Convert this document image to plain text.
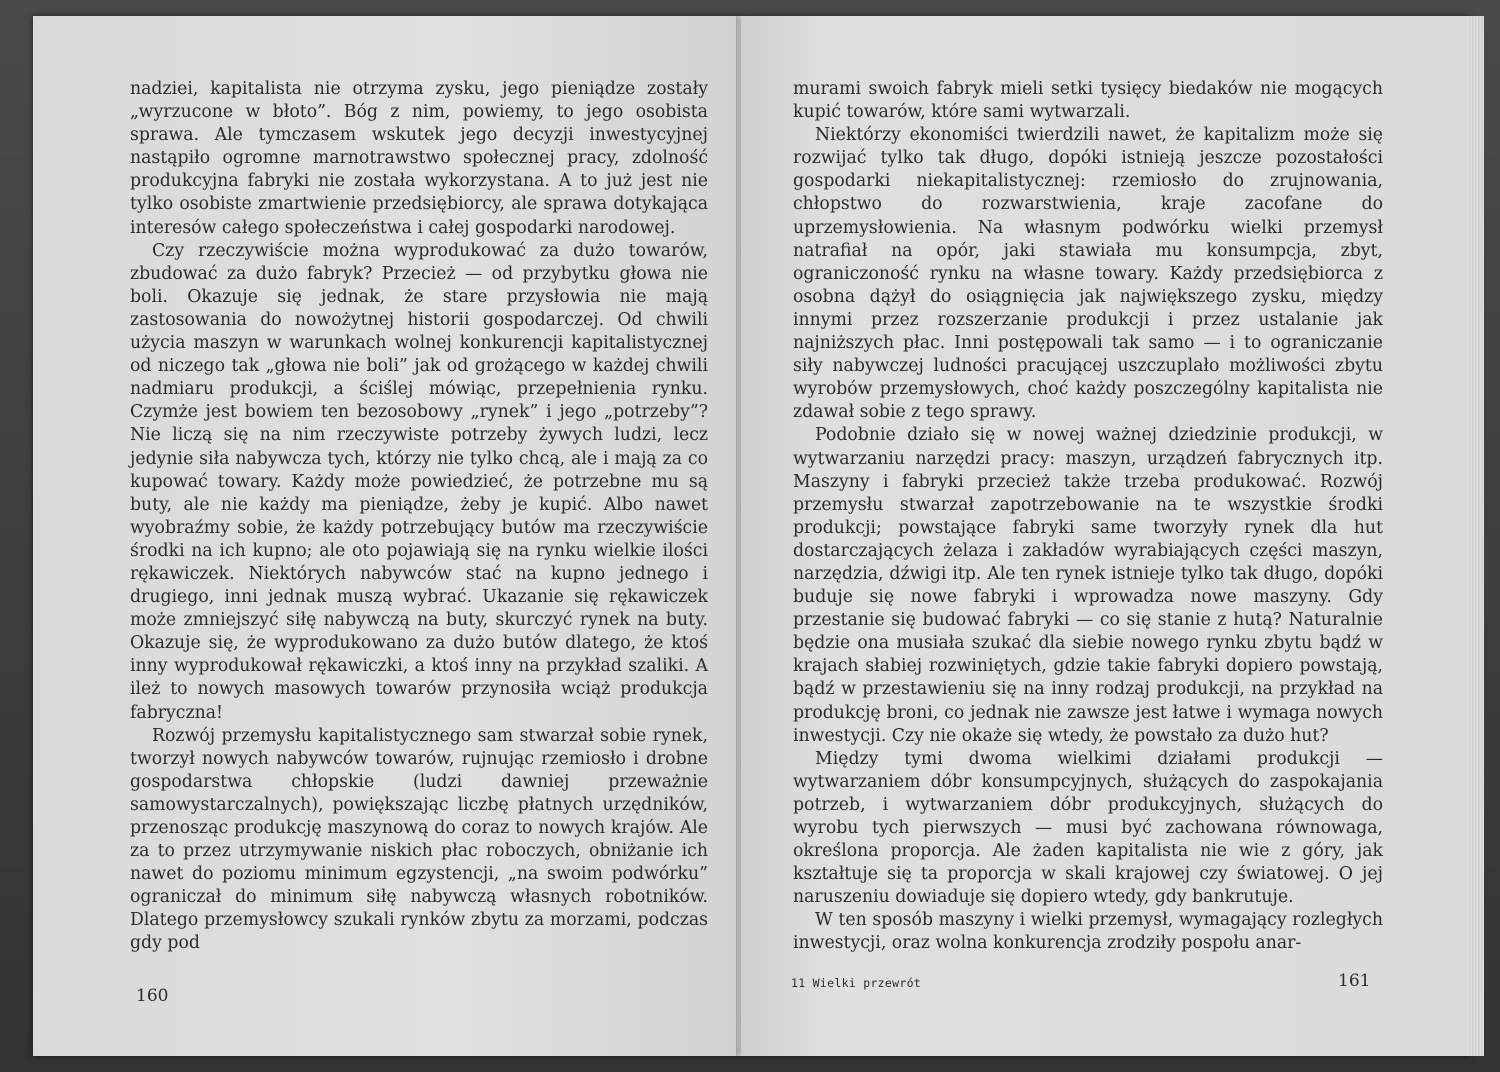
nadziei, kapitalista nie otrzyma zysku, jego pieniądze zostały „wyrzucone w błoto”. Bóg z nim, powiemy, to jego osobista sprawa. Ale tymczasem wskutek jego decyzji inwestycyjnej nastąpiło ogromne marnotrawstwo społecznej pracy, zdolność produkcyjna fabryki nie została wykorzystana. A to już jest nie tylko osobiste zmartwienie przedsiębiorcy, ale sprawa dotykająca interesów całego społeczeństwa i całej gospodarki narodowej.

Czy rzeczywiście można wyprodukować za dużo towarów, zbudować za dużo fabryk? Przecież — od przybytku głowa nie boli. Okazuje się jednak, że stare przysłowia nie mają zastosowania do nowożytnej historii gospodarczej. Od chwili użycia maszyn w warunkach wolnej konkurencji kapitalistycznej od niczego tak „głowa nie boli” jak od grożącego w każdej chwili nadmiaru produkcji, a ściślej mówiąc, przepełnienia rynku. Czymże jest bowiem ten bezosobowy „rynek” i jego „potrzeby”? Nie liczą się na nim rzeczywiste potrzeby żywych ludzi, lecz jedynie siła nabywcza tych, którzy nie tylko chcą, ale i mają za co kupować towary. Każdy może powiedzieć, że potrzebne mu są buty, ale nie każdy ma pieniądze, żeby je kupić. Albo nawet wyobraźmy sobie, że każdy potrzebujący butów ma rzeczywiście środki na ich kupno; ale oto pojawiają się na rynku wielkie ilości rękawiczek. Niektórych nabywców stać na kupno jednego i drugiego, inni jednak muszą wybrać. Ukazanie się rękawiczek może zmniejszyć siłę nabywczą na buty, skurczyć rynek na buty. Okazuje się, że wyprodukowano za dużo butów dlatego, że ktoś inny wyprodukował rękawiczki, a ktoś inny na przykład szaliki. A ileż to nowych masowych towarów przynosiła wciąż produkcja fabryczna!

Rozwój przemysłu kapitalistycznego sam stwarzał sobie rynek, tworzył nowych nabywców towarów, rujnując rzemiosło i drobne gospodarstwa chłopskie (ludzi dawniej przeważnie samowystarczalnych), powiększając liczbę płatnych urzędników, przenosząc produkcję maszynową do coraz to nowych krajów. Ale za to przez utrzymywanie niskich płac roboczych, obniżanie ich nawet do poziomu minimum egzystencji, „na swoim podwórku” ograniczał do minimum siłę nabywczą własnych robotników. Dlatego przemysłowcy szukali rynków zbytu za morzami, podczas gdy pod

160

murami swoich fabryk mieli setki tysięcy biedaków nie mogących kupić towarów, które sami wytwarzali.

Niektórzy ekonomiści twierdzili nawet, że kapitalizm może się rozwijać tylko tak długo, dopóki istnieją jeszcze pozostałości gospodarki niekapitalistycznej: rzemiosło do zrujnowania, chłopstwo do rozwarstwienia, kraje zacofane do uprzemysłowienia. Na własnym podwórku wielki przemysł natrafiał na opór, jaki stawiała mu konsumpcja, zbyt, ograniczoność rynku na własne towary. Każdy przedsiębiorca z osobna dążył do osiągnięcia jak największego zysku, między innymi przez rozszerzanie produkcji i przez ustalanie jak najniższych płac. Inni postępowali tak samo — i to ograniczanie siły nabywczej ludności pracującej uszczuplało możliwości zbytu wyrobów przemysłowych, choć każdy poszczególny kapitalista nie zdawał sobie z tego sprawy.

Podobnie działo się w nowej ważnej dziedzinie produkcji, w wytwarzaniu narzędzi pracy: maszyn, urządzeń fabrycznych itp. Maszyny i fabryki przecież także trzeba produkować. Rozwój przemysłu stwarzał zapotrzebowanie na te wszystkie środki produkcji; powstające fabryki same tworzyły rynek dla hut dostarczających żelaza i zakładów wyrabiających części maszyn, narzędzia, dźwigi itp. Ale ten rynek istnieje tylko tak długo, dopóki buduje się nowe fabryki i wprowadza nowe maszyny. Gdy przestanie się budować fabryki — co się stanie z hutą? Naturalnie będzie ona musiała szukać dla siebie nowego rynku zbytu bądź w krajach słabiej rozwiniętych, gdzie takie fabryki dopiero powstają, bądź w przestawieniu się na inny rodzaj produkcji, na przykład na produkcję broni, co jednak nie zawsze jest łatwe i wymaga nowych inwestycji. Czy nie okaże się wtedy, że powstało za dużo hut?

Między tymi dwoma wielkimi działami produkcji — wytwarzaniem dóbr konsumpcyjnych, służących do zaspokajania potrzeb, i wytwarzaniem dóbr produkcyjnych, służących do wyrobu tych pierwszych — musi być zachowana równowaga, określona proporcja. Ale żaden kapitalista nie wie z góry, jak kształtuje się ta proporcja w skali krajowej czy światowej. O jej naruszeniu dowiaduje się dopiero wtedy, gdy bankrutuje.

W ten sposób maszyny i wielki przemysł, wymagający rozległych inwestycji, oraz wolna konkurencja zrodziły pospołu anar-

11 Wielki przewrót	161
